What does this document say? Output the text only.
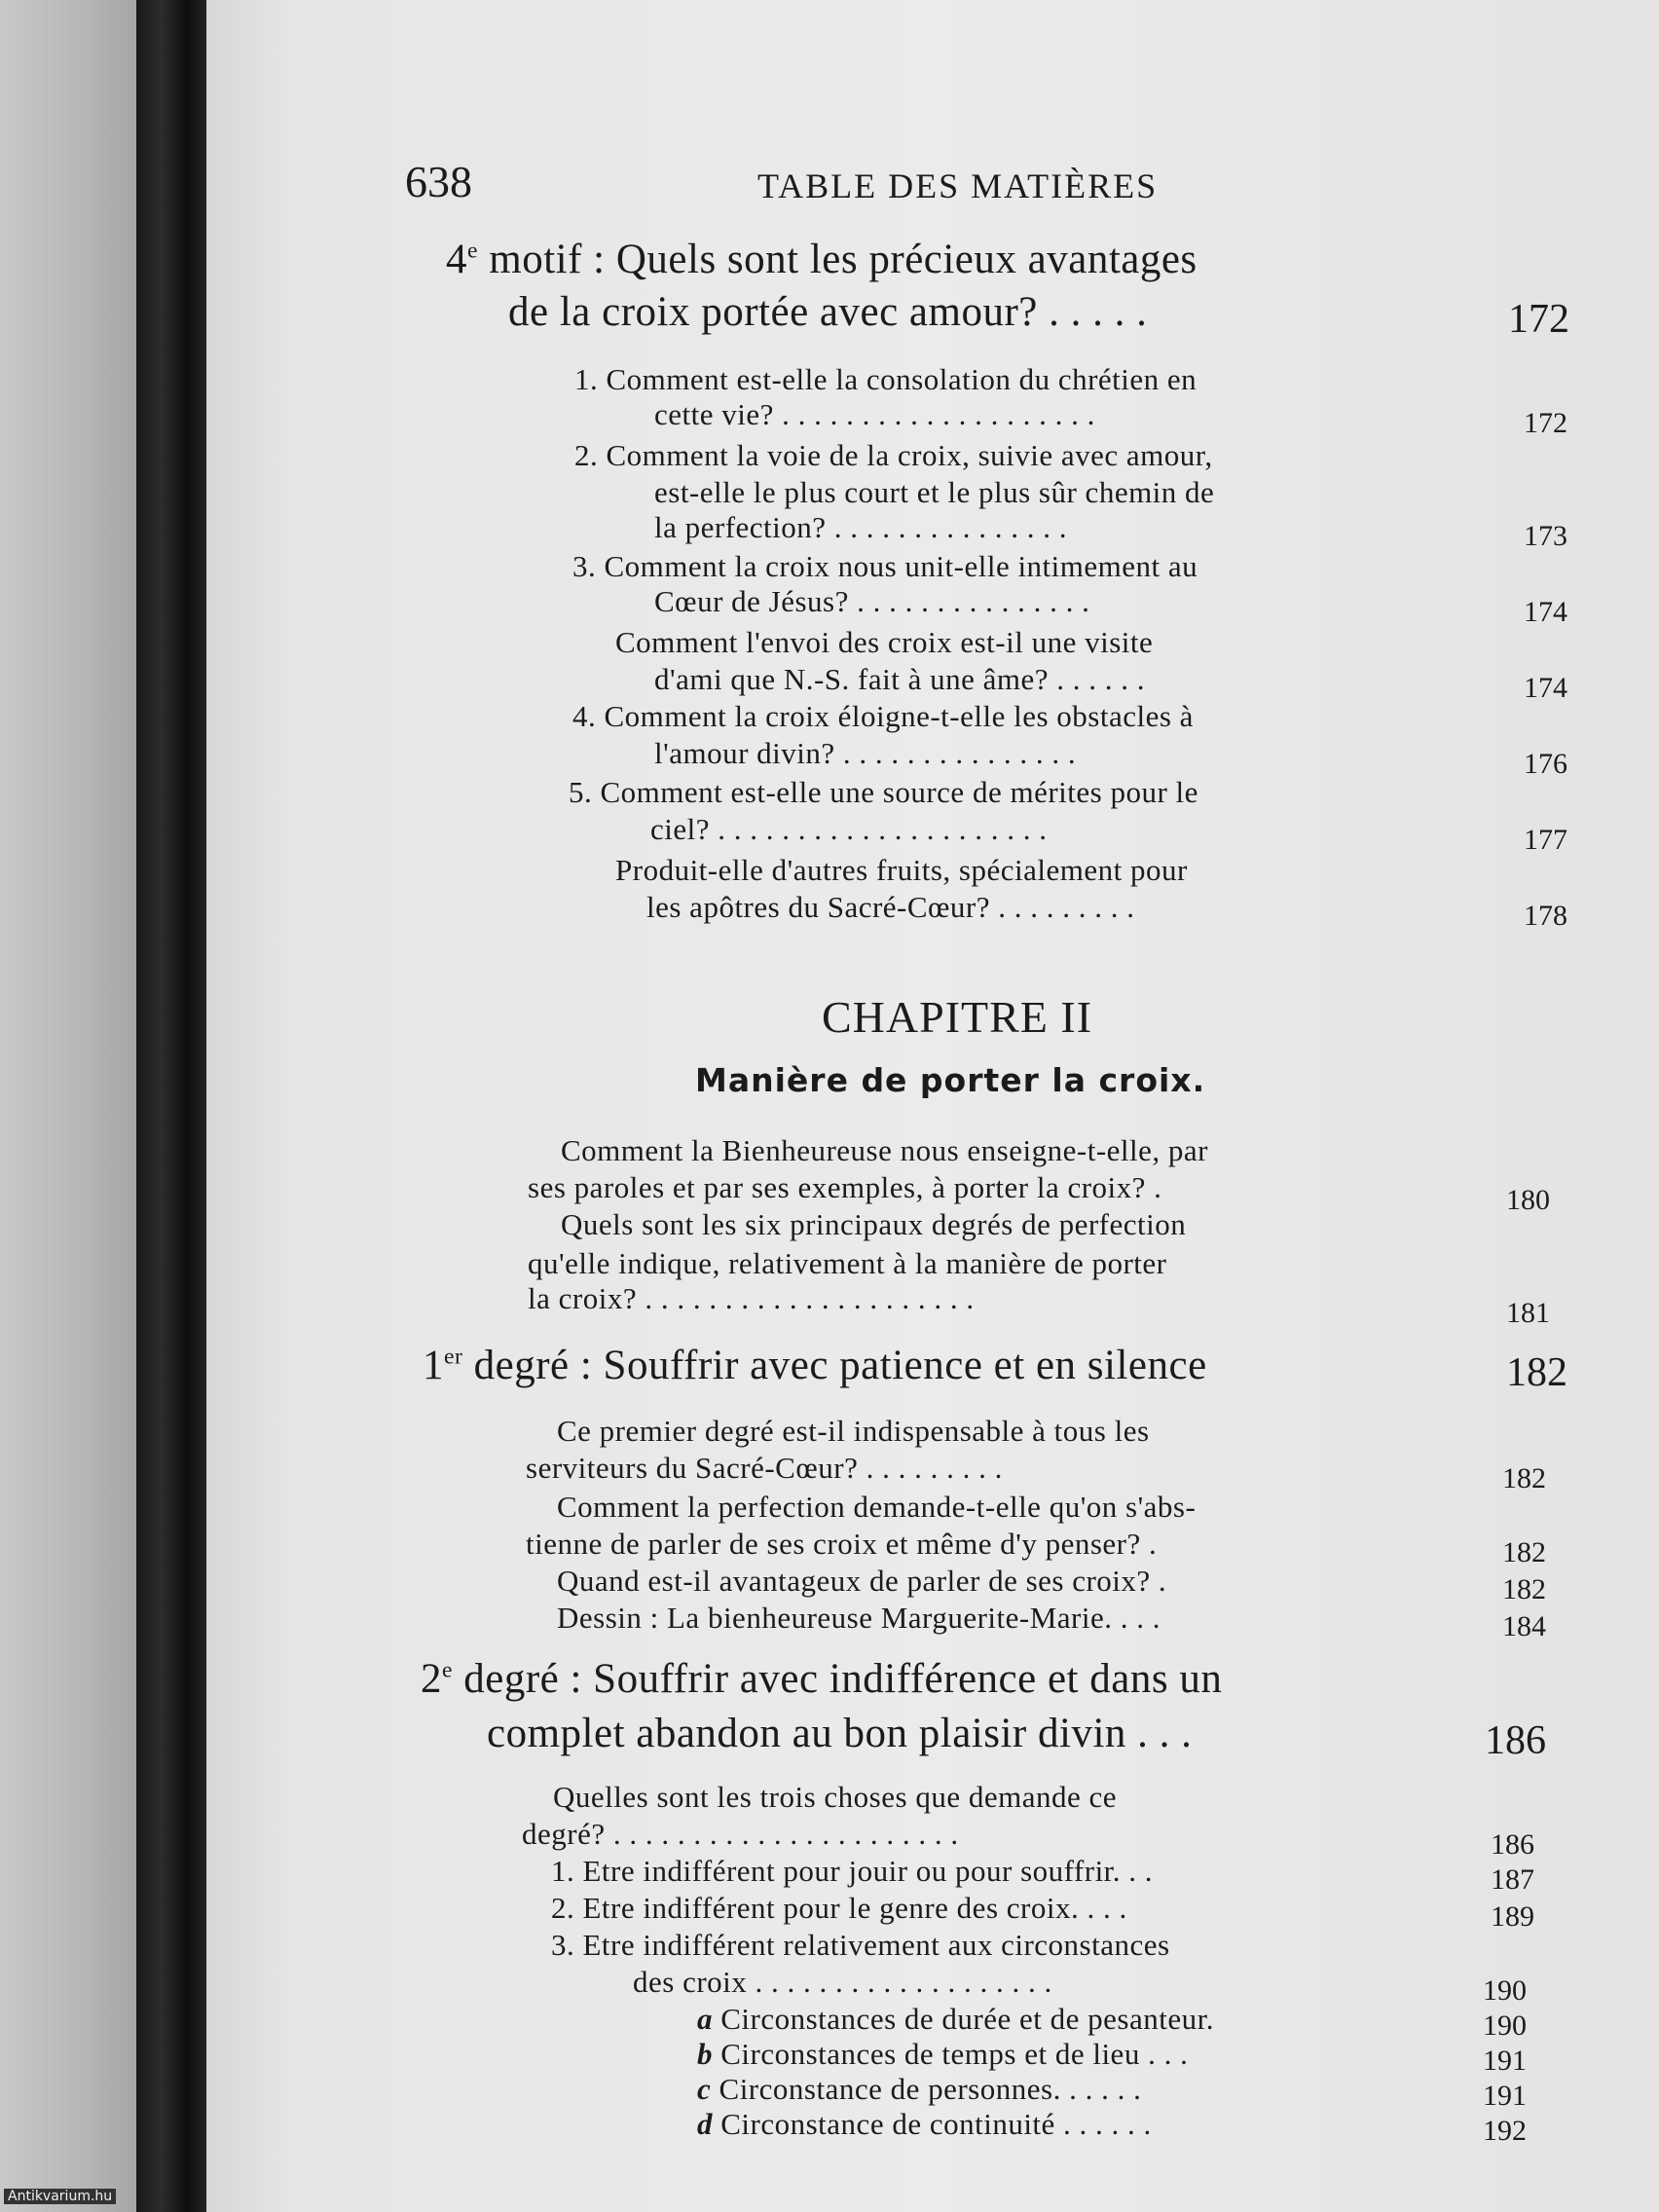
638	TABLE DES MATIÈRES
4e motif : Quels sont les précieux avantages
de la croix portée avec amour? . . . . .	172
1. Comment est-elle la consolation du chrétien en
cette vie? . . . . . . . . . . . . . . . . . . . .	172
2. Comment la voie de la croix, suivie avec amour,
est-elle le plus court et le plus sûr chemin de
la perfection? . . . . . . . . . . . . . . .	173
3. Comment la croix nous unit-elle intimement au
Cœur de Jésus? . . . . . . . . . . . . . . .	174
Comment l'envoi des croix est-il une visite
d'ami que N.-S. fait à une âme? . . . . . .	174
4. Comment la croix éloigne-t-elle les obstacles à
l'amour divin? . . . . . . . . . . . . . . .	176
5. Comment est-elle une source de mérites pour le
ciel? . . . . . . . . . . . . . . . . . . . . .	177
Produit-elle d'autres fruits, spécialement pour
les apôtres du Sacré-Cœur? . . . . . . . . .	178
CHAPITRE II
Manière de porter la croix.
Comment la Bienheureuse nous enseigne-t-elle, par
ses paroles et par ses exemples, à porter la croix? .	180
Quels sont les six principaux degrés de perfection
qu'elle indique, relativement à la manière de porter
la croix? . . . . . . . . . . . . . . . . . . . . .	181
1er degré : Souffrir avec patience et en silence	182
Ce premier degré est-il indispensable à tous les
serviteurs du Sacré-Cœur? . . . . . . . . .	182
Comment la perfection demande-t-elle qu'on s'abs-
tienne de parler de ses croix et même d'y penser? .	182
Quand est-il avantageux de parler de ses croix? .	182
Dessin : La bienheureuse Marguerite-Marie. . . .	184
2e degré : Souffrir avec indifférence et dans un
complet abandon au bon plaisir divin . . .	186
Quelles sont les trois choses que demande ce
degré? . . . . . . . . . . . . . . . . . . . . . .	186
1. Etre indifférent pour jouir ou pour souffrir. . .	187
2. Etre indifférent pour le genre des croix. . . .	189
3. Etre indifférent relativement aux circonstances
des croix . . . . . . . . . . . . . . . . . . .	190
a Circonstances de durée et de pesanteur.	190
b Circonstances de temps et de lieu . . .	191
c Circonstance de personnes. . . . . .	191
d Circonstance de continuité . . . . . .	192
Antikvarium.hu
